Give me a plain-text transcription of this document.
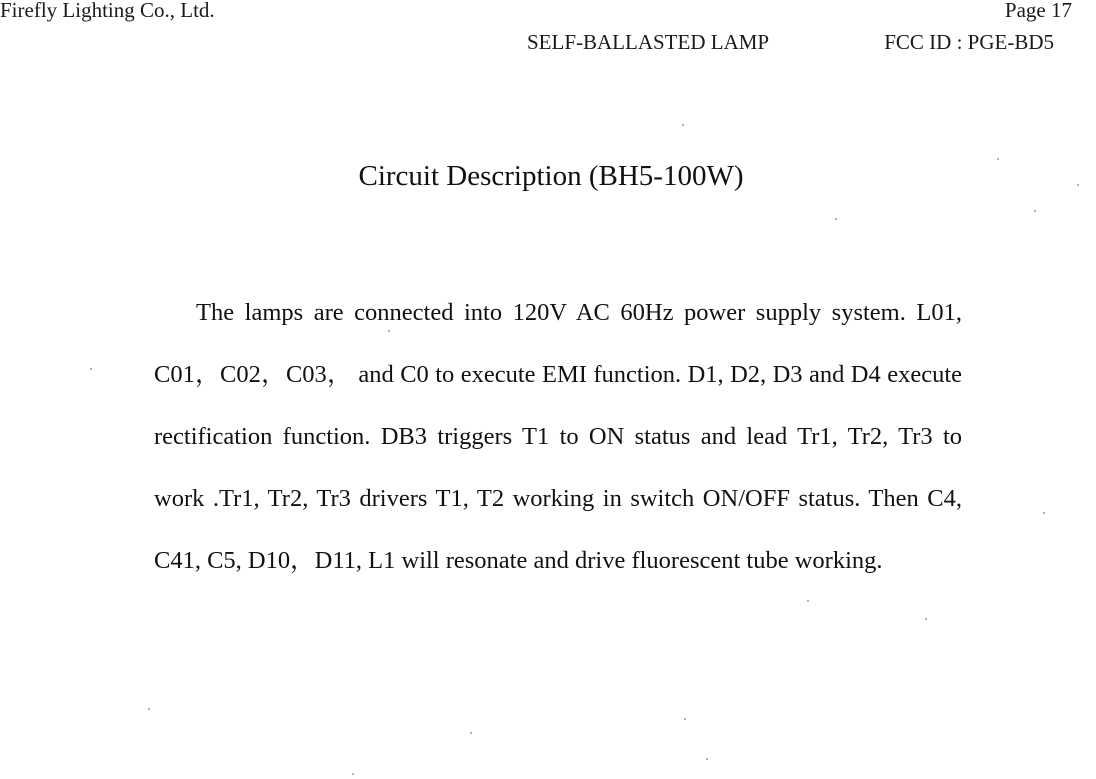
Firefly Lighting Co., Ltd.	Page 17
SELF-BALLASTED LAMP	FCC ID : PGE-BD5
Circuit Description (BH5-100W)

The lamps are connected into 120V AC 60Hz power supply system. L01, C01，C02，C03， and C0 to execute EMI function. D1, D2, D3 and D4 execute rectification function. DB3 triggers T1 to ON status and lead Tr1, Tr2, Tr3 to work .Tr1, Tr2, Tr3 drivers T1, T2 working in switch ON/OFF status. Then C4, C41, C5, D10，D11, L1 will resonate and drive fluorescent tube working.
